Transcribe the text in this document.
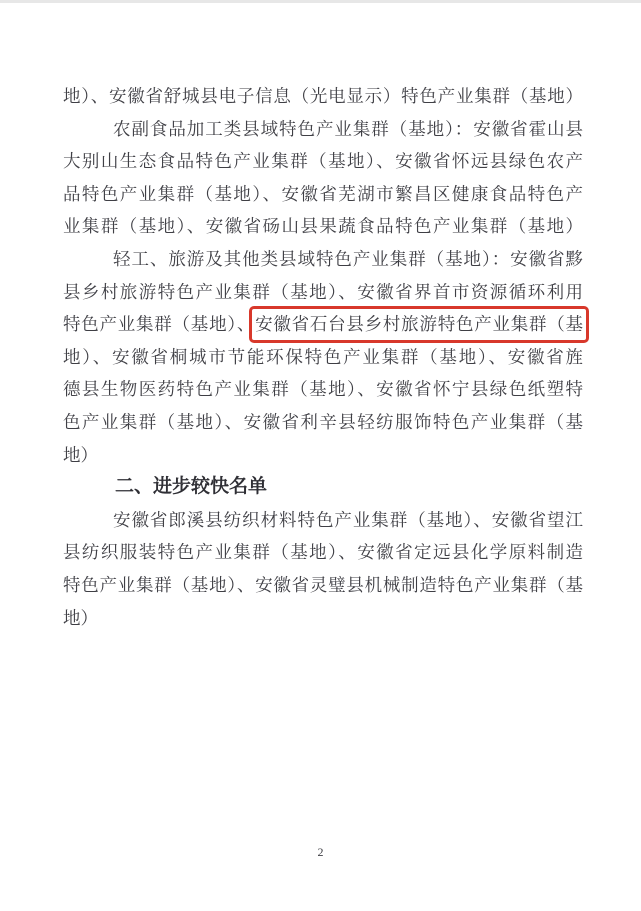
地）、安徽省舒城县电子信息（光电显示）特色产业集群（基地）
农副食品加工类县域特色产业集群（基地）：安徽省霍山县
大别山生态食品特色产业集群（基地）、安徽省怀远县绿色农产
品特色产业集群（基地）、安徽省芜湖市繁昌区健康食品特色产
业集群（基地）、安徽省砀山县果蔬食品特色产业集群（基地）
轻工、旅游及其他类县域特色产业集群（基地）：安徽省黟
县乡村旅游特色产业集群（基地）、安徽省界首市资源循环利用
特色产业集群（基地）、安徽省石台县乡村旅游特色产业集群（基
地）、安徽省桐城市节能环保特色产业集群（基地）、安徽省旌
德县生物医药特色产业集群（基地）、安徽省怀宁县绿色纸塑特
色产业集群（基地）、安徽省利辛县轻纺服饰特色产业集群（基
地）
二、进步较快名单
安徽省郎溪县纺织材料特色产业集群（基地）、安徽省望江
县纺织服装特色产业集群（基地）、安徽省定远县化学原料制造
特色产业集群（基地）、安徽省灵璧县机械制造特色产业集群（基
地）
2
